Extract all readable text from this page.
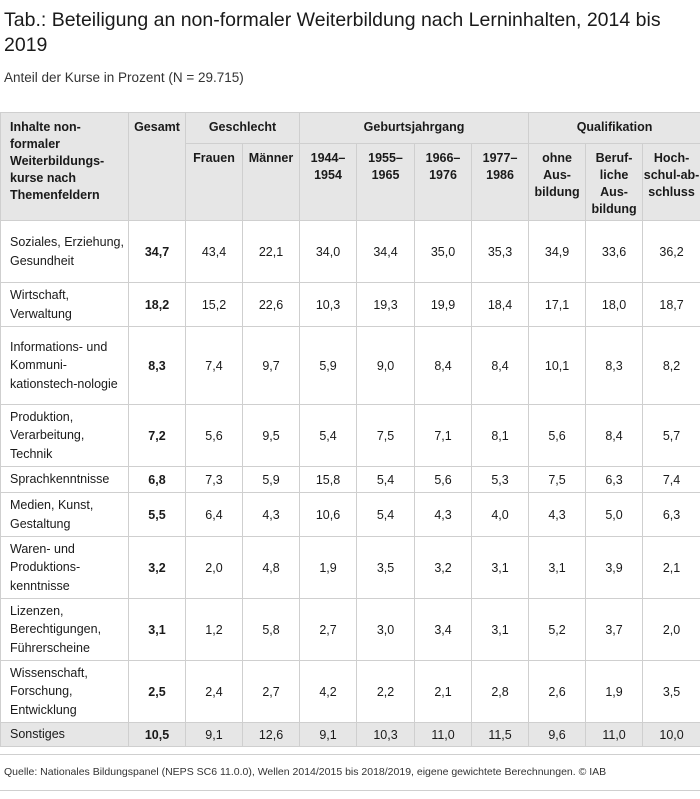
Tab.: Beteiligung an non-formaler Weiterbildung nach Lerninhalten, 2014 bis 2019
Anteil der Kurse in Prozent (N = 29.715)
Inhalte non-formaler Weiterbildungs-kurse nach Themenfeldern	Gesamt	Geschlecht		Geburtsjahrgang				Qualifikation		
		Frauen	Männer	1944–1954	1955–1965	1966–1976	1977–1986	ohne Aus-bildung	Beruf-liche Aus-bildung	Hoch-schul-ab-schluss
Soziales, Erziehung, Gesundheit	34,7	43,4	22,1	34,0	34,4	35,0	35,3	34,9	33,6	36,2
Wirtschaft, Verwaltung	18,2	15,2	22,6	10,3	19,3	19,9	18,4	17,1	18,0	18,7
Informations- und Kommuni-kationstech-nologie	8,3	7,4	9,7	5,9	9,0	8,4	8,4	10,1	8,3	8,2
Produktion, Verarbeitung, Technik	7,2	5,6	9,5	5,4	7,5	7,1	8,1	5,6	8,4	5,7
Sprachkenntnisse	6,8	7,3	5,9	15,8	5,4	5,6	5,3	7,5	6,3	7,4
Medien, Kunst, Gestaltung	5,5	6,4	4,3	10,6	5,4	4,3	4,0	4,3	5,0	6,3
Waren- und Produktions-kenntnisse	3,2	2,0	4,8	1,9	3,5	3,2	3,1	3,1	3,9	2,1
Lizenzen, Berechtigungen, Führerscheine	3,1	1,2	5,8	2,7	3,0	3,4	3,1	5,2	3,7	2,0
Wissenschaft, Forschung, Entwicklung	2,5	2,4	2,7	4,2	2,2	2,1	2,8	2,6	1,9	3,5
Sonstiges	10,5	9,1	12,6	9,1	10,3	11,0	11,5	9,6	11,0	10,0
Quelle: Nationales Bildungspanel (NEPS SC6 11.0.0), Wellen 2014/2015 bis 2018/2019, eigene gewichtete Berechnungen. © IAB
